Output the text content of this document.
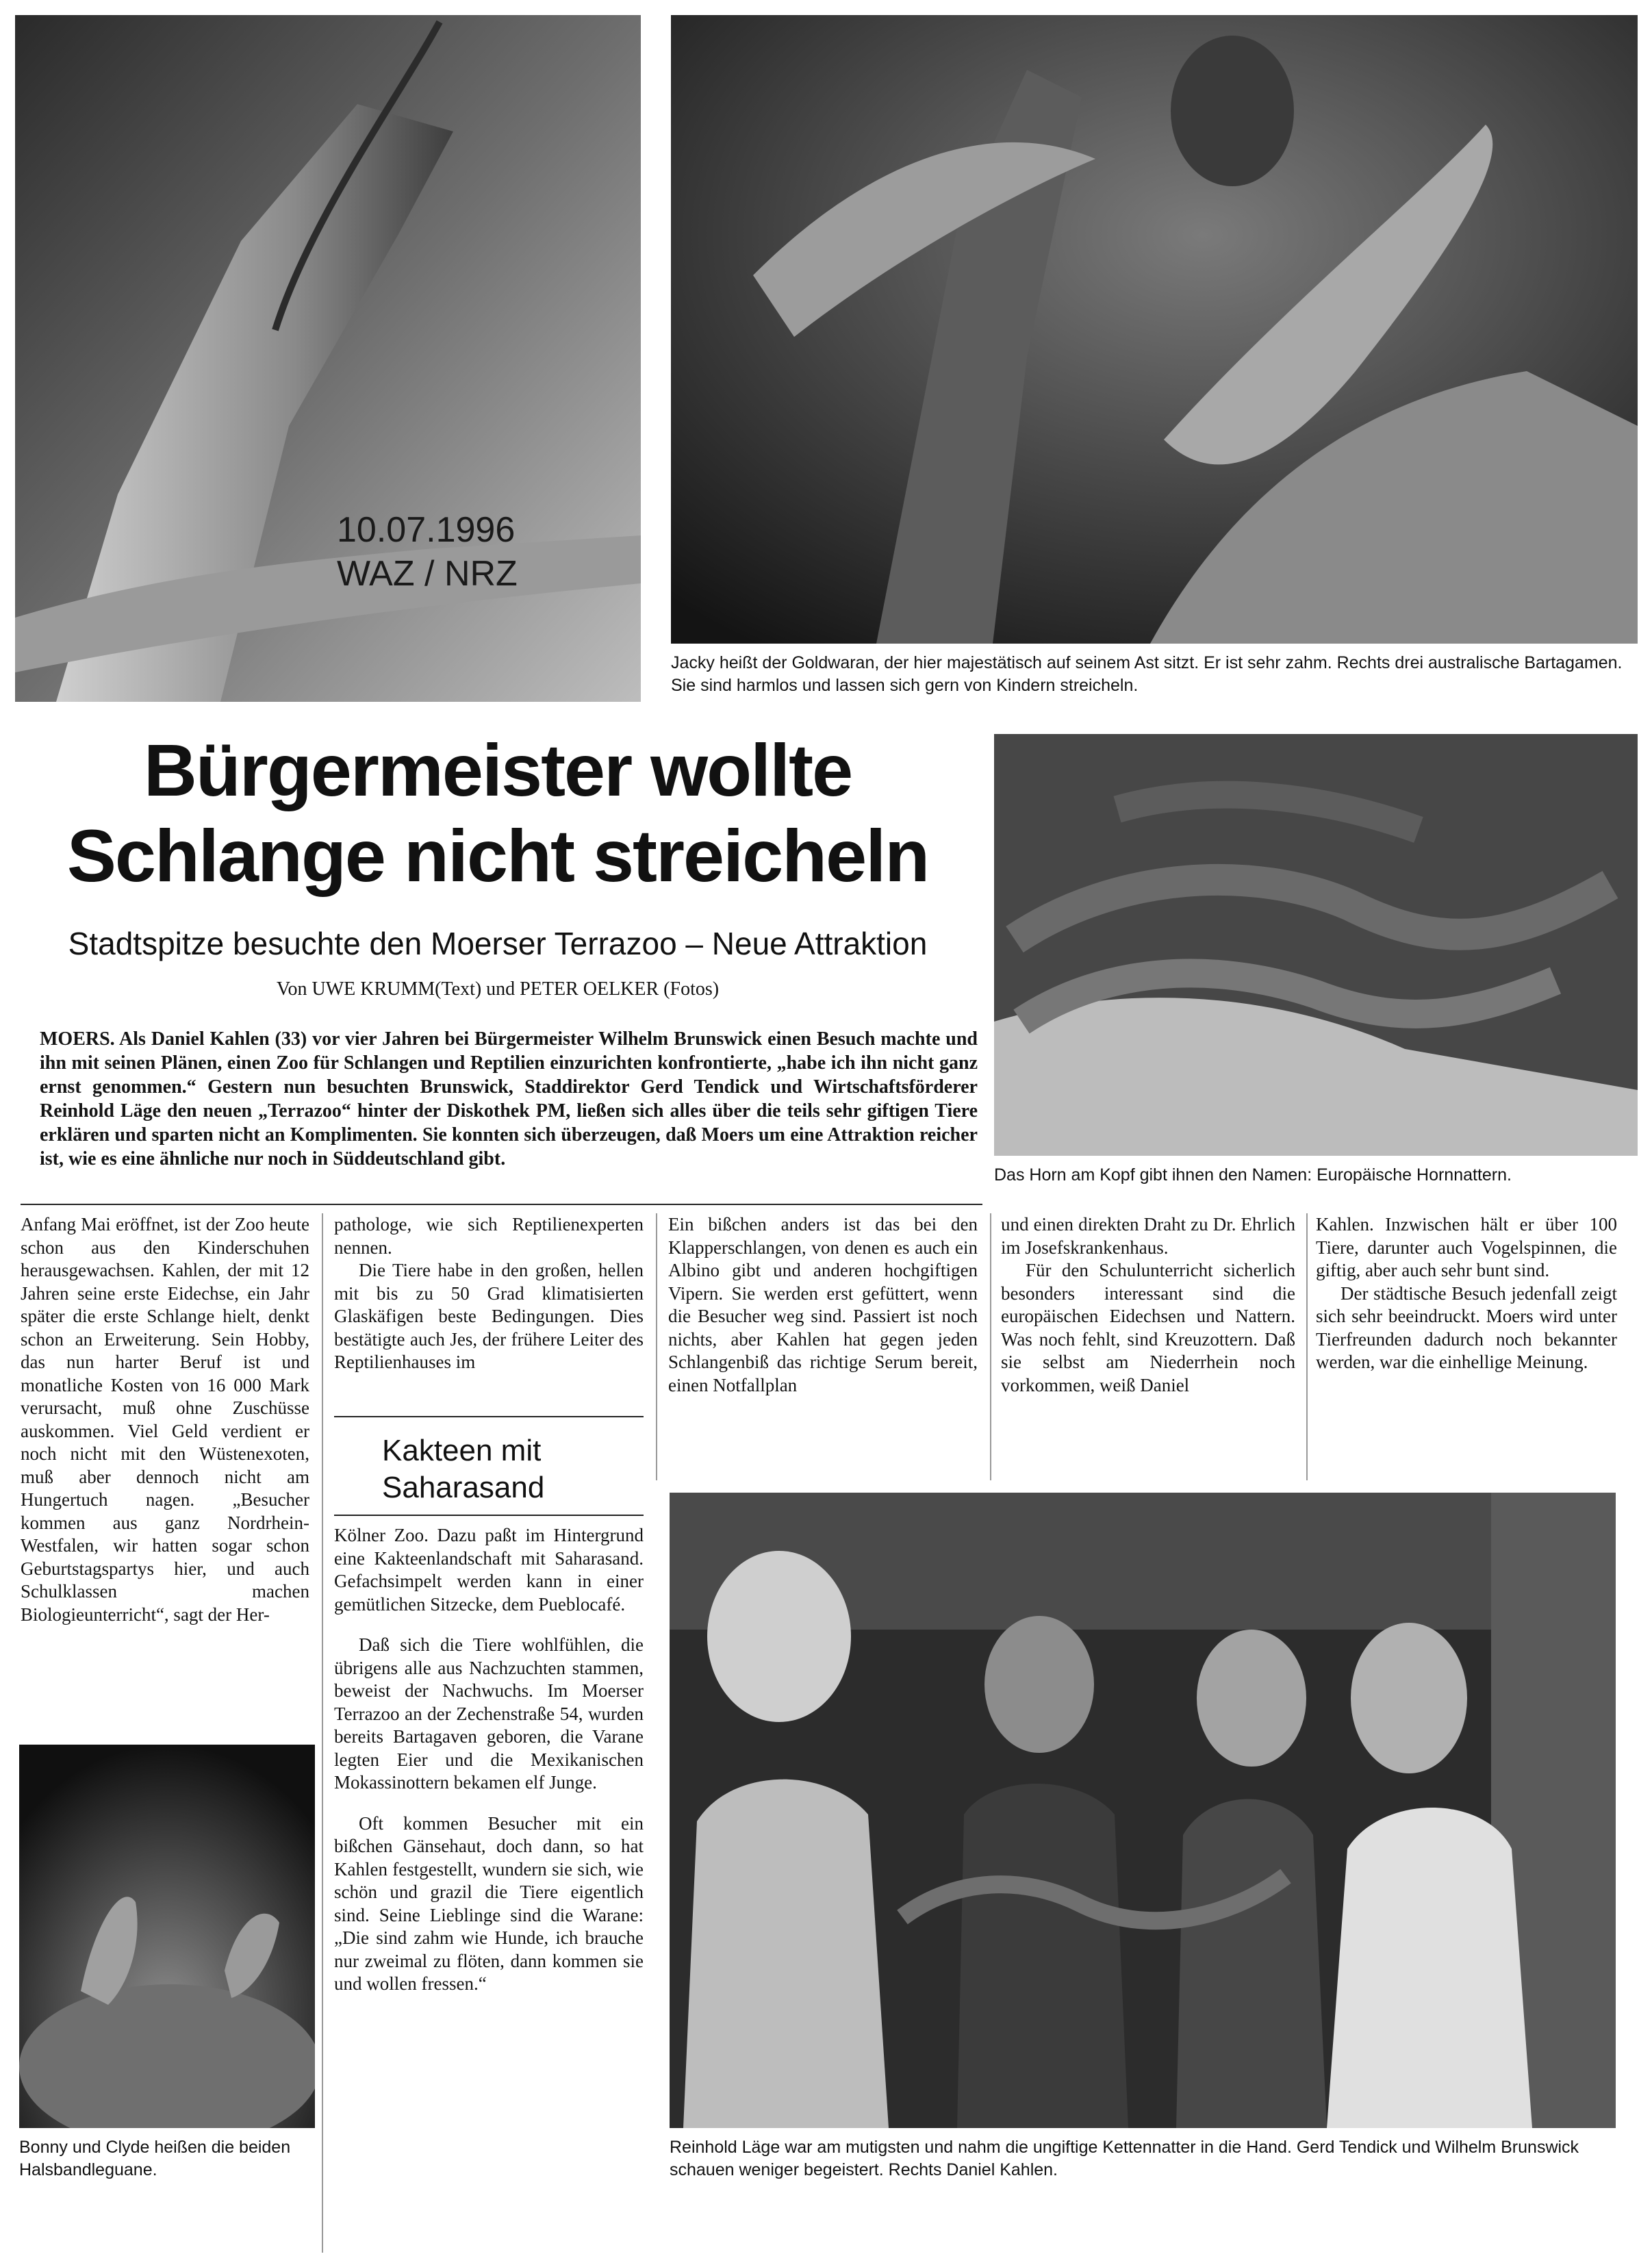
10.07.1996
WAZ / NRZ
Jacky heißt der Goldwaran, der hier majestätisch auf seinem Ast sitzt. Er ist sehr zahm. Rechts drei australische Bartagamen. Sie sind harmlos und lassen sich gern von Kindern streicheln.
Das Horn am Kopf gibt ihnen den Namen: Europäische Hornnattern.
Bürgermeister wollte
Schlange nicht streicheln
Stadtspitze besuchte den Moerser Terrazoo – Neue Attraktion
Von UWE KRUMM(Text) und PETER OELKER (Fotos)
MOERS. Als Daniel Kahlen (33) vor vier Jahren bei Bürgermeister Wilhelm Brunswick einen Besuch machte und ihn mit seinen Plänen, einen Zoo für Schlangen und Reptilien einzurichten konfrontierte, „habe ich ihn nicht ganz ernst genommen.“ Gestern nun besuchten Brunswick, Staddirektor Gerd Tendick und Wirtschaftsförderer Reinhold Läge den neuen „Terrazoo“ hinter der Diskothek PM, ließen sich alles über die teils sehr giftigen Tiere erklären und sparten nicht an Komplimenten. Sie konnten sich überzeugen, daß Moers um eine Attraktion reicher ist, wie es eine ähnliche nur noch in Süddeutschland gibt.

Anfang Mai eröffnet, ist der Zoo heute schon aus den Kinderschuhen herausgewachsen. Kahlen, der mit 12 Jahren seine erste Eidechse, ein Jahr später die erste Schlange hielt, denkt schon an Erweiterung. Sein Hobby, das nun harter Beruf ist und monatliche Kosten von 16 000 Mark verursacht, muß ohne Zuschüsse auskommen. Viel Geld verdient er noch nicht mit den Wüstenexoten, muß aber dennoch nicht am Hungertuch nagen. „Besucher kommen aus ganz Nordrhein-Westfalen, wir hatten sogar schon Geburtstagspartys hier, und auch Schulklassen machen Biologieunterricht“, sagt der Her-

pathologe, wie sich Reptilienexperten nennen.

Die Tiere habe in den großen, hellen mit bis zu 50 Grad klimatisierten Glaskäfigen beste Bedingungen. Dies bestätigte auch Jes, der frühere Leiter des Reptilienhauses im

Kakteen mit
Saharasand

Kölner Zoo. Dazu paßt im Hintergrund eine Kakteenlandschaft mit Saharasand. Gefachsimpelt werden kann in einer gemütlichen Sitzecke, dem Pueblocafé.

Daß sich die Tiere wohlfühlen, die übrigens alle aus Nachzuchten stammen, beweist der Nachwuchs. Im Moerser Terrazoo an der Zechenstraße 54, wurden bereits Bartagaven geboren, die Varane legten Eier und die Mexikanischen Mokassinottern bekamen elf Junge.

Oft kommen Besucher mit ein bißchen Gänsehaut, doch dann, so hat Kahlen festgestellt, wundern sie sich, wie schön und grazil die Tiere eigentlich sind. Seine Lieblinge sind die Warane: „Die sind zahm wie Hunde, ich brauche nur zweimal zu flöten, dann kommen sie und wollen fressen.“

Ein bißchen anders ist das bei den Klapperschlangen, von denen es auch ein Albino gibt und anderen hochgiftigen Vipern. Sie werden erst gefüttert, wenn die Besucher weg sind. Passiert ist noch nichts, aber Kahlen hat gegen jeden Schlangenbiß das richtige Serum bereit, einen Notfallplan

und einen direkten Draht zu Dr. Ehrlich im Josefskrankenhaus.

Für den Schulunterricht sicherlich besonders interessant sind die europäischen Eidechsen und Nattern. Was noch fehlt, sind Kreuzottern. Daß sie selbst am Niederrhein noch vorkommen, weiß Daniel

Kahlen. Inzwischen hält er über 100 Tiere, darunter auch Vogelspinnen, die giftig, aber auch sehr bunt sind.

Der städtische Besuch jedenfall zeigt sich sehr beeindruckt. Moers wird unter Tierfreunden dadurch noch bekannter werden, war die einhellige Meinung.

Bonny und Clyde heißen die beiden Halsbandleguane.
Reinhold Läge war am mutigsten und nahm die ungiftige Kettennatter in die Hand. Gerd Tendick und Wilhelm Brunswick schauen weniger begeistert. Rechts Daniel Kahlen.
